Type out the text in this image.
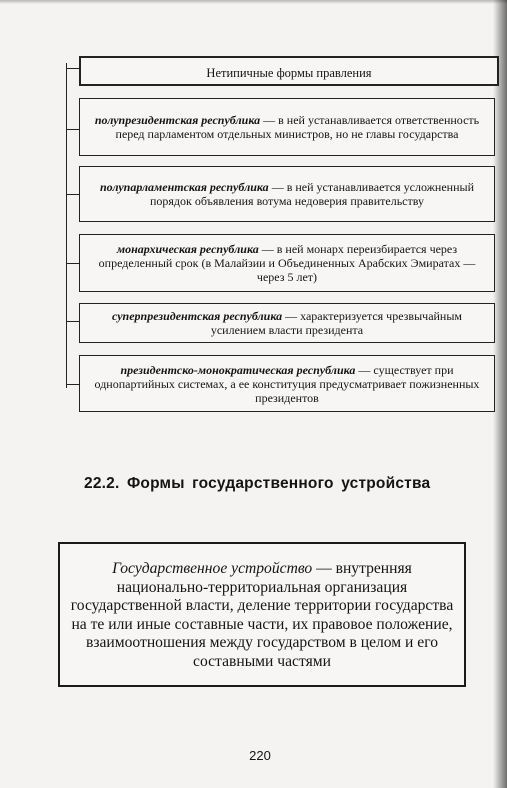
Нетипичные формы правления
полупрезидентская республика — в ней устанавливается ответственность перед парламентом отдельных министров, но не главы государства
полупарламентская республика — в ней устанавливается усложненный порядок объявления вотума недоверия правительству
монархическая республика — в ней монарх переизбирается через определенный срок (в Малайзии и Объединенных Арабских Эмиратах — через 5 лет)
суперпрезидентская республика — характеризуется чрезвычайным усилением власти президента
президентско-монократическая республика — существует при однопартийных системах, а ее конституция предусматривает пожизненных президентов
22.2. Формы государственного устройства
Государственное устройство — внутренняя национально-территориальная организация государственной власти, деление территории государства на те или иные составные части, их правовое положение, взаимоотношения между государством в целом и его составными частями
220
